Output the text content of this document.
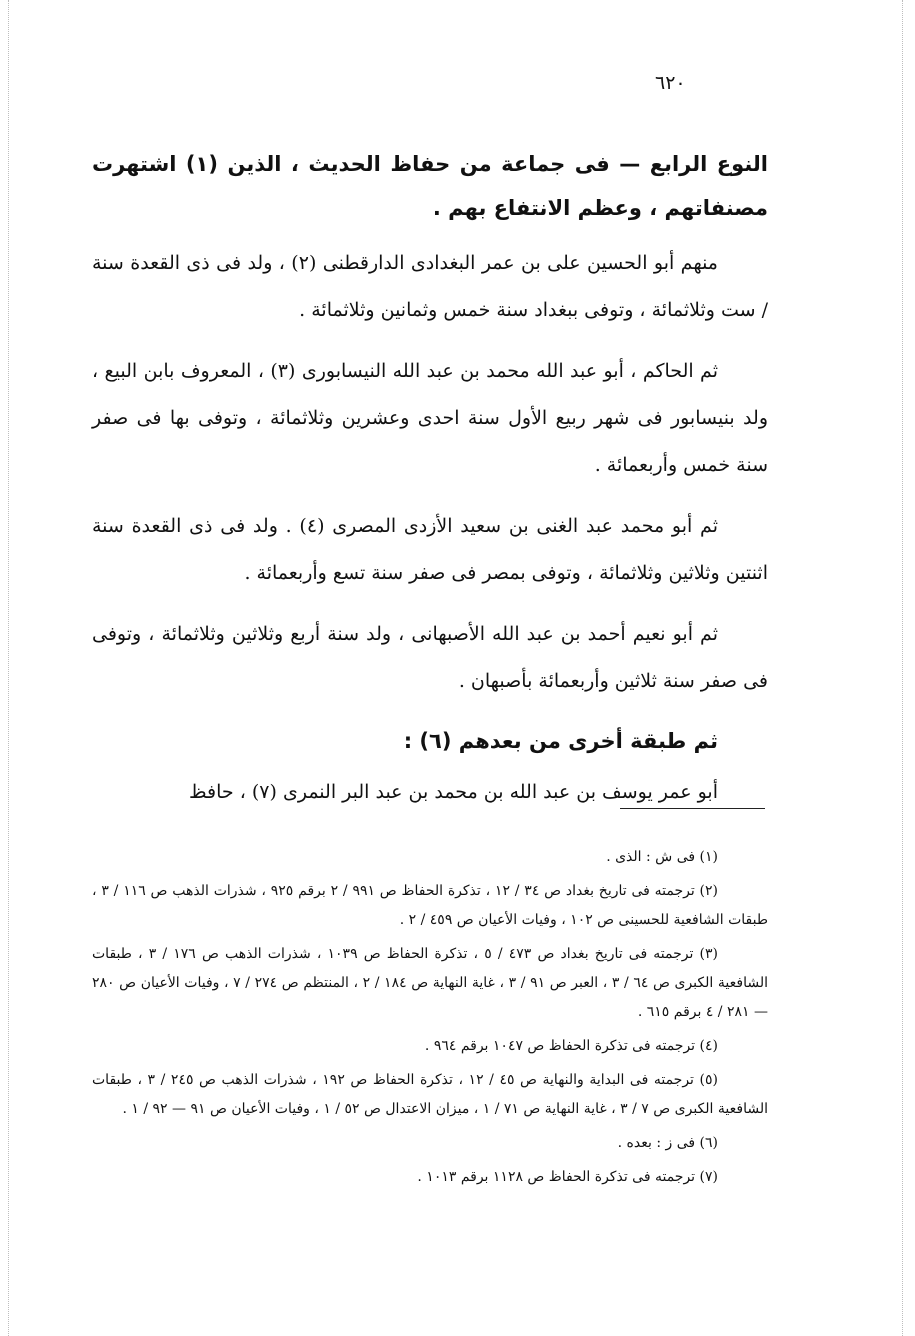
٦٢٠

النوع الرابع — فى جماعة من حفاظ الحديث ، الذين (١) اشتهرت مصنفاتهم ، وعظم الانتفاع بهم .

منهم أبو الحسين على بن عمر البغدادى الدارقطنى (٢) ، ولد فى ذى القعدة سنة / ست وثلاثمائة ، وتوفى ببغداد سنة خمس وثمانين وثلاثمائة .

ثم الحاكم ، أبو عبد الله محمد بن عبد الله النيسابورى (٣) ، المعروف بابن البيع ، ولد بنيسابور فى شهر ربيع الأول سنة احدى وعشرين وثلاثمائة ، وتوفى بها فى صفر سنة خمس وأربعمائة .

ثم أبو محمد عبد الغنى بن سعيد الأزدى المصرى (٤) . ولد فى ذى القعدة سنة اثنتين وثلاثين وثلاثمائة ، وتوفى بمصر فى صفر سنة تسع وأربعمائة .

ثم أبو نعيم أحمد بن عبد الله الأصبهانى ، ولد سنة أربع وثلاثين وثلاثمائة ، وتوفى فى صفر سنة ثلاثين وأربعمائة بأصبهان .

ثم طبقة أخرى من بعدهم (٦) :

أبو عمر يوسف بن عبد الله بن محمد بن عبد البر النمرى (٧) ، حافظ

(١) فى ش : الذى .

(٢) ترجمته فى تاريخ بغداد ص ٣٤ / ١٢ ، تذكرة الحفاظ ص ٩٩١ / ٢ برقم ٩٢٥ ، شذرات الذهب ص ١١٦ / ٣ ، طبقات الشافعية للحسينى ص ١٠٢ ، وفيات الأعيان ص ٤٥٩ / ٢ .

(٣) ترجمته فى تاريخ بغداد ص ٤٧٣ / ٥ ، تذكرة الحفاظ ص ١٠٣٩ ، شذرات الذهب ص ١٧٦ / ٣ ، طبقات الشافعية الكبرى ص ٦٤ / ٣ ، العبر ص ٩١ / ٣ ، غاية النهاية ص ١٨٤ / ٢ ، المنتظم ص ٢٧٤ / ٧ ، وفيات الأعيان ص ٢٨٠ — ٢٨١ / ٤ برقم ٦١٥ .

(٤) ترجمته فى تذكرة الحفاظ ص ١٠٤٧ برقم ٩٦٤ .

(٥) ترجمته فى البداية والنهاية ص ٤٥ / ١٢ ، تذكرة الحفاظ ص ١٩٢ ، شذرات الذهب ص ٢٤٥ / ٣ ، طبقات الشافعية الكبرى ص ٧ / ٣ ، غاية النهاية ص ٧١ / ١ ، ميزان الاعتدال ص ٥٢ / ١ ، وفيات الأعيان ص ٩١ — ٩٢ / ١ .

(٦) فى ز : بعده .

(٧) ترجمته فى تذكرة الحفاظ ص ١١٢٨ برقم ١٠١٣ .
